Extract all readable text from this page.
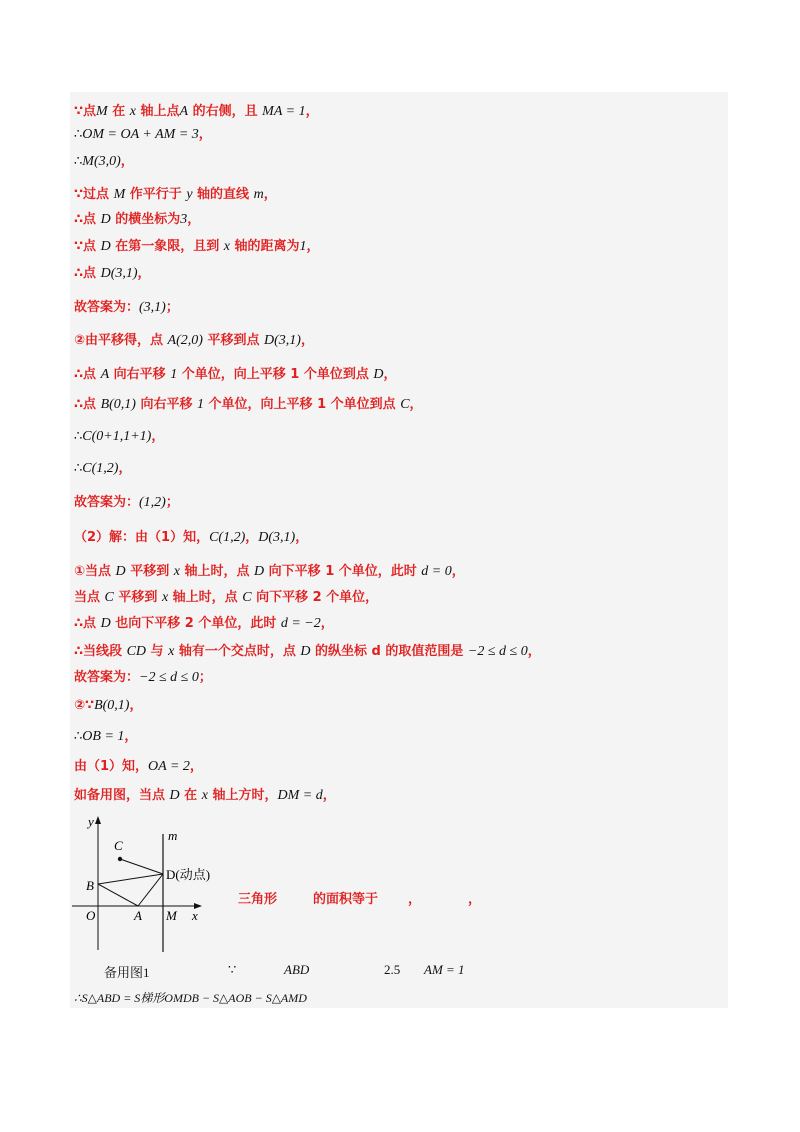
∵点M 在 x 轴上点A 的右侧，且 MA = 1，
∴OM = OA + AM = 3，
∴M(3,0)，
∵过点 M 作平行于 y 轴的直线 m，
∴点 D 的横坐标为3，
∵点 D 在第一象限，且到 x 轴的距离为1，
∴点 D(3,1)，
故答案为：(3,1)；
②由平移得，点 A(2,0) 平移到点 D(3,1)，
∴点 A 向右平移 1 个单位，向上平移 1 个单位到点 D，
∴点 B(0,1) 向右平移 1 个单位，向上平移 1 个单位到点 C，
∴C(0+1,1+1)，
∴C(1,2)，
故答案为：(1,2)；
（2）解：由（1）知，C(1,2)，D(3,1)，
①当点 D 平移到 x 轴上时，点 D 向下平移 1 个单位，此时 d = 0，
当点 C 平移到 x 轴上时，点 C 向下平移 2 个单位，
∴点 D 也向下平移 2 个单位，此时 d = −2，
∴当线段 CD 与 x 轴有一个交点时，点 D 的纵坐标 d 的取值范围是 −2 ≤ d ≤ 0，
故答案为：−2 ≤ d ≤ 0；
②∵B(0,1)，
∴OB = 1，
由（1）知，OA = 2，
如备用图，当点 D 在 x 轴上方时，DM = d，
y
x
m
C
B
D(动点)
O	A M
三角形	的面积等于 ，	，
备用图1	∵	ABD	2.5 AM = 1
∴S△ABD = S梯形OMDB − S△AOB − S△AMD
